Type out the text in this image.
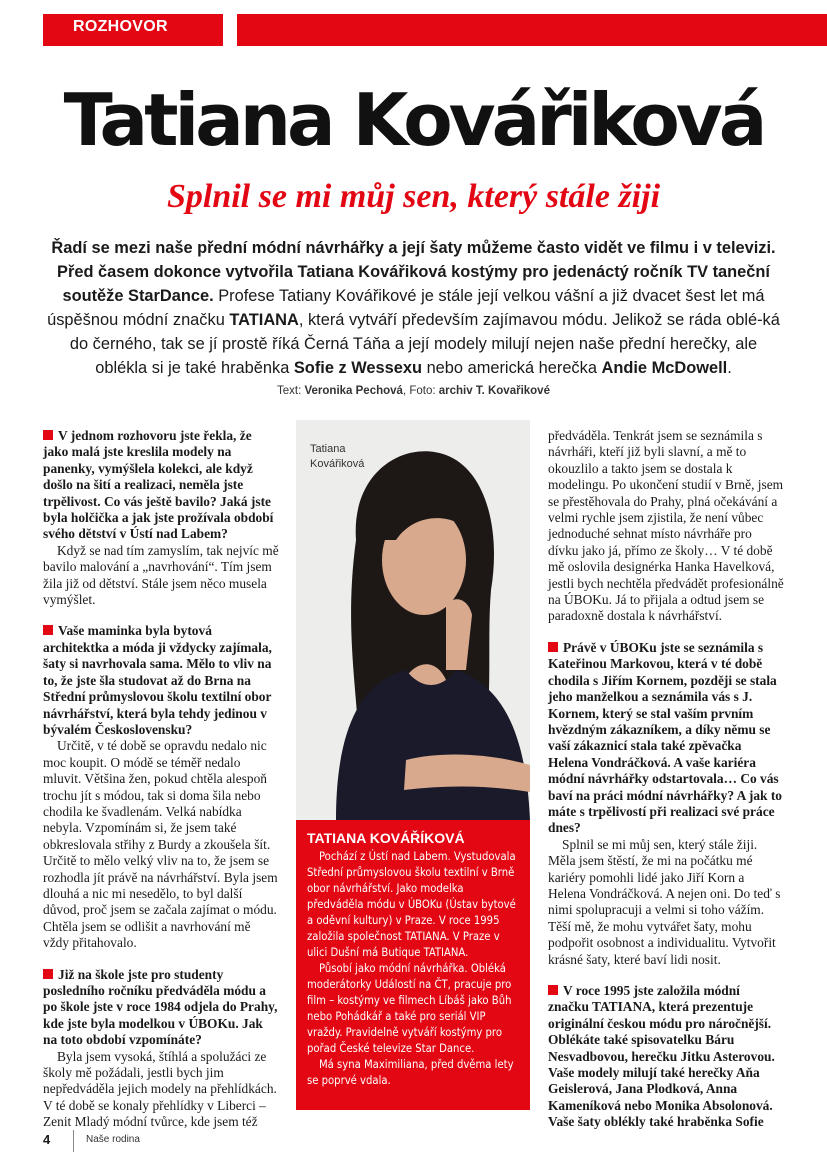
ROZHOVOR
Tatiana Kovářiková
Splnil se mi můj sen, který stále žiji
Řadí se mezi naše přední módní návrhářky a její šaty můžeme často vidět ve filmu i v televizi. Před časem dokonce vytvořila Tatiana Kovářiková kostýmy pro jedenáctý ročník TV taneční soutěže StarDance. Profese Tatiany Kovářikové je stále její velkou vášní a již dvacet šest let má úspěšnou módní značku TATIANA, která vytváří především zajímavou módu. Jelikož se ráda oblé‑ká do černého, tak se jí prostě říká Černá Táňa a její modely milují nejen naše přední herečky, ale oblékla si je také hraběnka Sofie z Wessexu nebo americká herečka Andie McDowell.
Text: Veronika Pechová, Foto: archiv T. Kovařikové

V jednom rozhovoru jste řekla, že jako malá jste kreslila modely na panenky, vymýšlela kolekci, ale když došlo na šití a realizaci, neměla jste trpělivost. Co vás ještě bavilo? Jaká jste byla holčička a jak jste prožívala období svého dětství v Ústí nad Labem?

Když se nad tím zamyslím, tak nejvíc mě bavilo malování a „navrhování“. Tím jsem žila již od dětství. Stále jsem něco musela vymýšlet.

Vaše maminka byla bytová architektka a móda ji vždycky zajímala, šaty si navrhovala sama. Mělo to vliv na to, že jste šla studovat až do Brna na Střední průmyslovou školu textilní obor návrhářství, která byla tehdy jedinou v bývalém Československu?

Určitě, v té době se opravdu nedalo nic moc koupit. O módě se téměř nedalo mluvit. Většina žen, pokud chtěla alespoň trochu jít s módou, tak si doma šila nebo chodila ke švadlenám. Velká nabídka nebyla. Vzpomínám si, že jsem také obkreslovala střihy z Burdy a zkoušela šít. Určitě to mělo velký vliv na to, že jsem se rozhodla jít právě na návrhářství. Byla jsem dlouhá a nic mi nesedělo, to byl další důvod, proč jsem se začala zajímat o módu. Chtěla jsem se odlišit a navrhování mě vždy přitahovalo.

Již na škole jste pro studenty posledního ročníku předváděla módu a po škole jste v roce 1984 odjela do Prahy, kde jste byla modelkou v ÚBOKu. Jak na toto období vzpomínáte?

Byla jsem vysoká, štíhlá a spolužáci ze školy mě požádali, jestli bych jim nepředváděla jejich modely na přehlídkách. V té době se konaly přehlídky v Liberci – Zenit Mladý módní tvůrce, kde jsem též

Tatiana
Kovářiková
TATIANA KOVÁŘÍKOVÁ

Pochází z Ústí nad Labem. Vystudovala Střední průmyslovou školu textilní v Brně obor návrhářství. Jako modelka předváděla módu v ÚBOKu (Ústav bytové a oděvní kultury) v Praze. V roce 1995 založila společnost TATIANA. V Praze v ulici Dušní má Butique TATIANA.

Působí jako módní návrhářka. Obléká moderátorky Událostí na ČT, pracuje pro film – kostýmy ve filmech Líbáš jako Bůh nebo Pohádkář a také pro seriál VIP vraždy. Pravidelně vytváří kostýmy pro pořad České televize Star Dance.

Má syna Maximiliana, před dvěma lety se poprvé vdala.

předváděla. Tenkrát jsem se seznámila s návrháři, kteří již byli slavní, a mě to okouzlilo a takto jsem se dostala k modelingu. Po ukončení studií v Brně, jsem se přestěhovala do Prahy, plná očekávání a velmi rychle jsem zjistila, že není vůbec jednoduché sehnat místo návrháře pro dívku jako já, přímo ze školy… V té době mě oslovila designérka Hanka Havelková, jestli bych nechtěla předvádět profesionálně na ÚBOKu. Já to přijala a odtud jsem se paradoxně dostala k návrhářství.

Právě v ÚBOKu jste se seznámila s Kateřinou Markovou, která v té době chodila s Jiřím Kornem, později se stala jeho manželkou a seznámila vás s J. Kornem, který se stal vaším prvním hvězdným zákazníkem, a díky němu se vaší zákaznicí stala také zpěvačka Helena Vondráčková. A vaše kariéra módní návrhářky odstartovala… Co vás baví na práci módní návrhářky? A jak to máte s trpělivostí při realizaci své práce dnes?

Splnil se mi můj sen, který stále žiji. Měla jsem štěstí, že mi na počátku mé kariéry pomohli lidé jako Jiří Korn a Helena Vondráčková. A nejen oni. Do teď s nimi spolupracuji a velmi si toho vážím. Těší mě, že mohu vytvářet šaty, mohu podpořit osobnost a individualitu. Vytvořit krásné šaty, které baví lidi nosit.

V roce 1995 jste založila módní značku TATIANA, která prezentuje originální českou módu pro náročnější. Oblékáte také spisovatelku Báru Nesvadbovou, herečku Jitku Asterovou. Vaše modely milují také herečky Aňa Geislerová, Jana Plodková, Anna Kameníková nebo Monika Absolonová. Vaše šaty oblékly také hraběnka Sofie

4	Naše rodina
